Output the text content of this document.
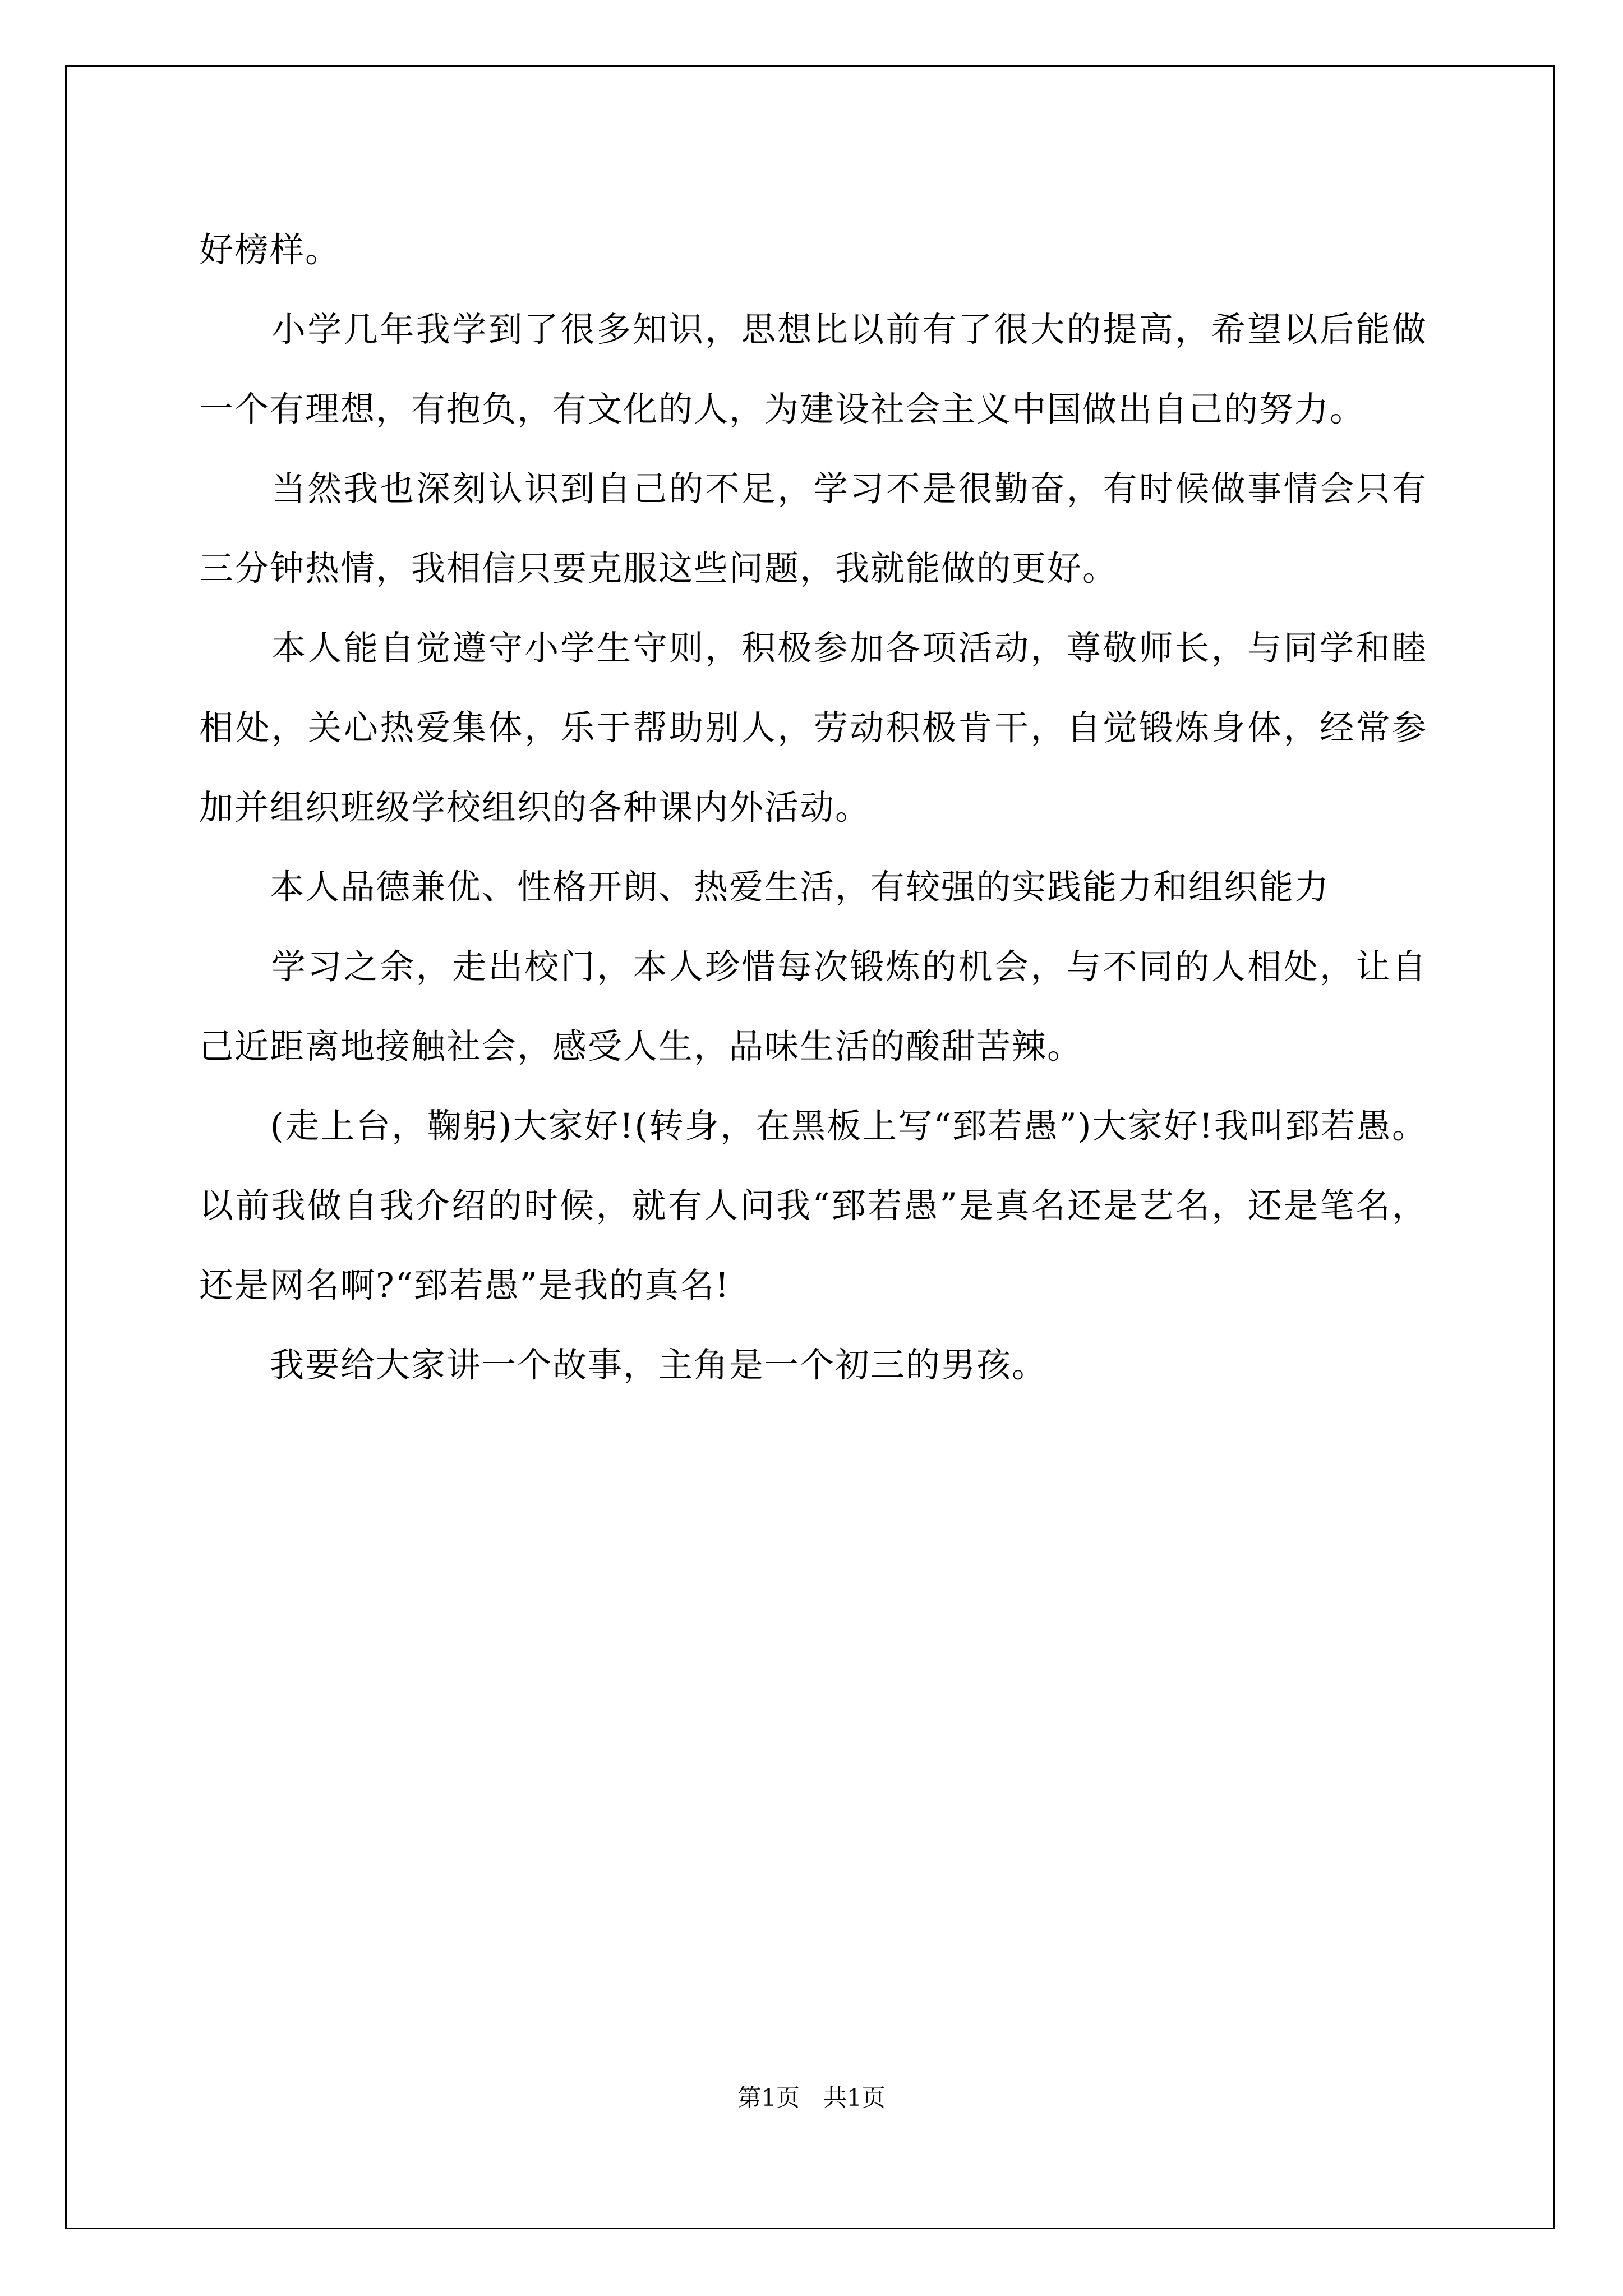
好榜样。

　　小学几年我学到了很多知识，思想比以前有了很大的提高，希望以后能做一个有理想，有抱负，有文化的人，为建设社会主义中国做出自己的努力。

　　当然我也深刻认识到自己的不足，学习不是很勤奋，有时候做事情会只有三分钟热情，我相信只要克服这些问题，我就能做的更好。

　　本人能自觉遵守小学生守则，积极参加各项活动，尊敬师长，与同学和睦相处，关心热爱集体，乐于帮助别人，劳动积极肯干，自觉锻炼身体，经常参加并组织班级学校组织的各种课内外活动。

　　本人品德兼优、性格开朗、热爱生活，有较强的实践能力和组织能力

　　学习之余，走出校门，本人珍惜每次锻炼的机会，与不同的人相处，让自己近距离地接触社会，感受人生，品味生活的酸甜苦辣。

　　(走上台，鞠躬)大家好!(转身，在黑板上写“郅若愚”)大家好!我叫郅若愚。以前我做自我介绍的时候，就有人问我“郅若愚”是真名还是艺名，还是笔名，还是网名啊?“郅若愚”是我的真名!

　　我要给大家讲一个故事，主角是一个初三的男孩。

第1页　共1页
